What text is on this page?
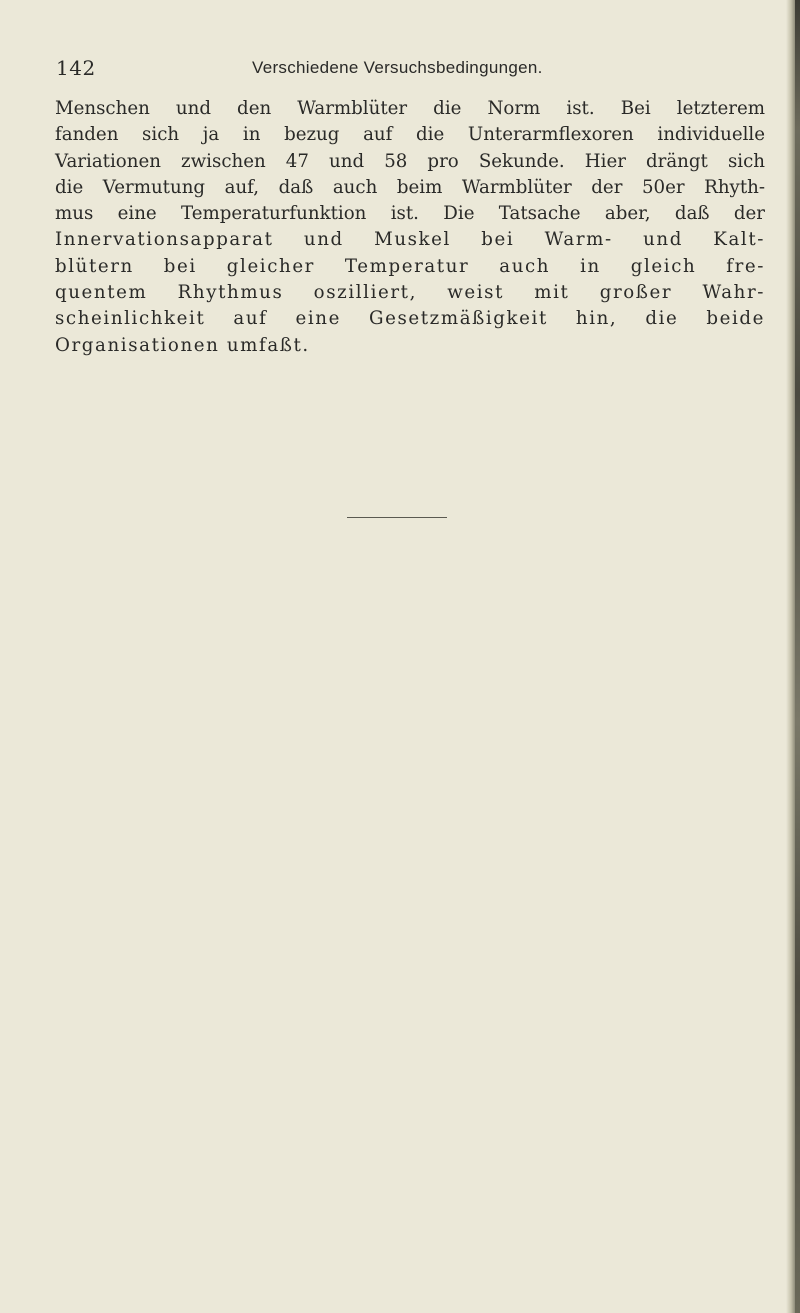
142	Verschiedene Versuchsbedingungen.
Menschen und den Warmblüter die Norm ist. Bei letzterem
fanden sich ja in bezug auf die Unterarmflexoren individuelle
Variationen zwischen 47 und 58 pro Sekunde. Hier drängt sich
die Vermutung auf, daß auch beim Warmblüter der 50er Rhyth-
mus eine Temperaturfunktion ist. Die Tatsache aber, daß der
Innervationsapparat und Muskel bei Warm- und Kalt-
blütern bei gleicher Temperatur auch in gleich fre-
quentem Rhythmus oszilliert, weist mit großer Wahr-
scheinlichkeit auf eine Gesetzmäßigkeit hin, die beide
Organisationen umfaßt.
